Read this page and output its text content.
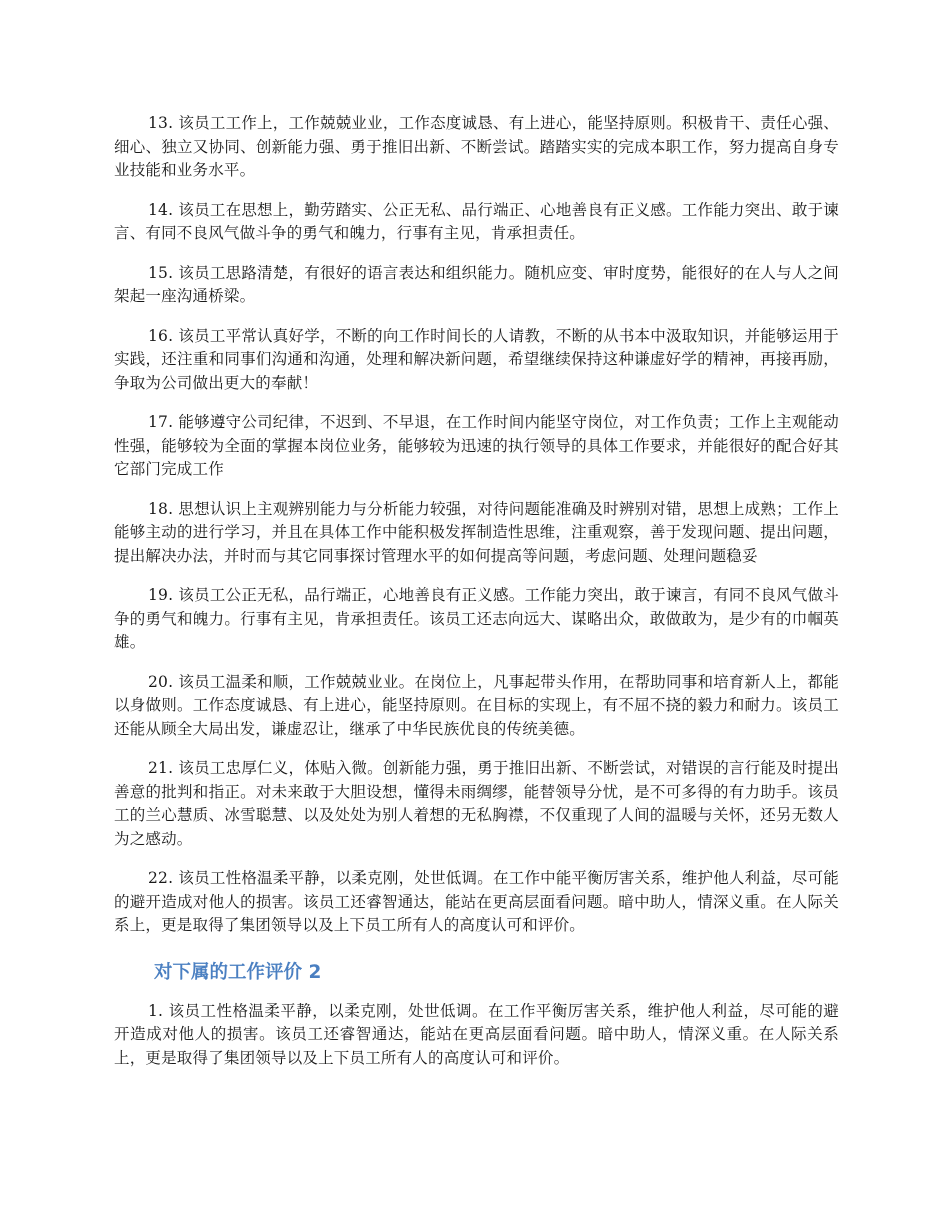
13. 该员工工作上，工作兢兢业业，工作态度诚恳、有上进心，能坚持原则。积极肯干、责任心强、细心、独立又协同、创新能力强、勇于推旧出新、不断尝试。踏踏实实的完成本职工作，努力提高自身专业技能和业务水平。

14. 该员工在思想上，勤劳踏实、公正无私、品行端正、心地善良有正义感。工作能力突出、敢于谏言、有同不良风气做斗争的勇气和魄力，行事有主见，肯承担责任。

15. 该员工思路清楚，有很好的语言表达和组织能力。随机应变、审时度势，能很好的在人与人之间架起一座沟通桥梁。

16. 该员工平常认真好学，不断的向工作时间长的人请教，不断的从书本中汲取知识，并能够运用于实践，还注重和同事们沟通和沟通，处理和解决新问题，希望继续保持这种谦虚好学的精神，再接再励，争取为公司做出更大的奉献！

17. 能够遵守公司纪律，不迟到、不早退，在工作时间内能坚守岗位，对工作负责；工作上主观能动性强，能够较为全面的掌握本岗位业务，能够较为迅速的执行领导的具体工作要求，并能很好的配合好其它部门完成工作

18. 思想认识上主观辨别能力与分析能力较强，对待问题能准确及时辨别对错，思想上成熟；工作上能够主动的进行学习，并且在具体工作中能积极发挥制造性思维，注重观察，善于发现问题、提出问题，提出解决办法，并时而与其它同事探讨管理水平的如何提高等问题，考虑问题、处理问题稳妥

19. 该员工公正无私，品行端正，心地善良有正义感。工作能力突出，敢于谏言，有同不良风气做斗争的勇气和魄力。行事有主见，肯承担责任。该员工还志向远大、谋略出众，敢做敢为，是少有的巾帼英雄。

20. 该员工温柔和顺，工作兢兢业业。在岗位上，凡事起带头作用，在帮助同事和培育新人上，都能以身做则。工作态度诚恳、有上进心，能坚持原则。在目标的实现上，有不屈不挠的毅力和耐力。该员工还能从顾全大局出发，谦虚忍让，继承了中华民族优良的传统美德。

21. 该员工忠厚仁义，体贴入微。创新能力强，勇于推旧出新、不断尝试，对错误的言行能及时提出善意的批判和指正。对未来敢于大胆设想，懂得未雨绸缪，能替领导分忧，是不可多得的有力助手。该员工的兰心慧质、冰雪聪慧、以及处处为别人着想的无私胸襟，不仅重现了人间的温暖与关怀，还另无数人为之感动。

22. 该员工性格温柔平静，以柔克刚，处世低调。在工作中能平衡厉害关系，维护他人利益，尽可能的避开造成对他人的损害。该员工还睿智通达，能站在更高层面看问题。暗中助人，情深义重。在人际关系上，更是取得了集团领导以及上下员工所有人的高度认可和评价。

对下属的工作评价 2

1. 该员工性格温柔平静，以柔克刚，处世低调。在工作平衡厉害关系，维护他人利益，尽可能的避开造成对他人的损害。该员工还睿智通达，能站在更高层面看问题。暗中助人，情深义重。在人际关系上，更是取得了集团领导以及上下员工所有人的高度认可和评价。
